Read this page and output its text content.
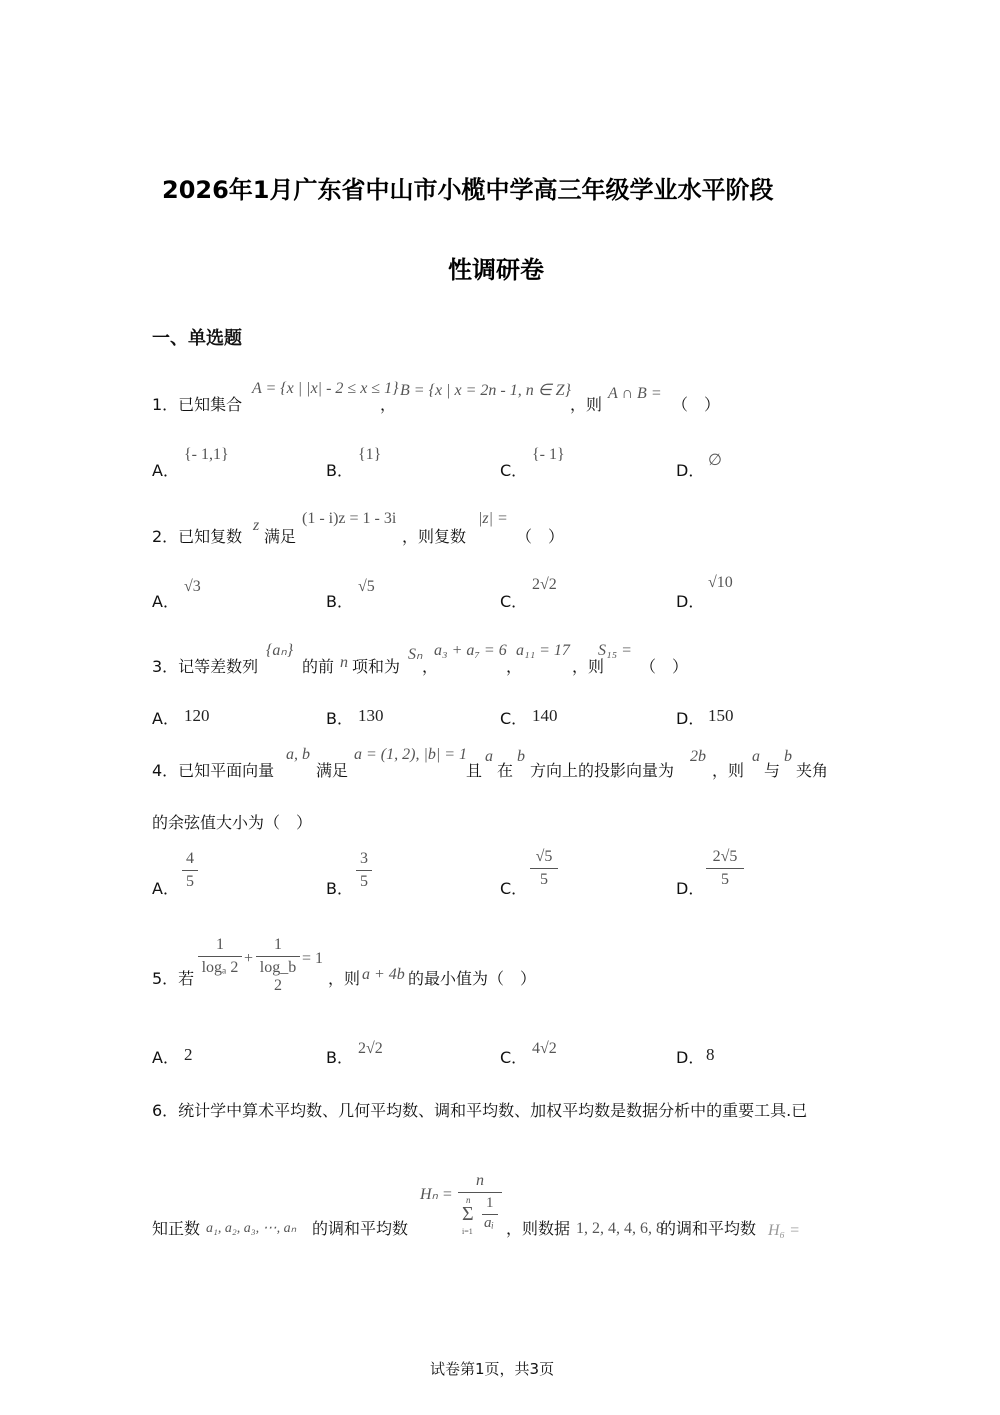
2026年1月广东省中山市小榄中学高三年级学业水平阶段
性调研卷
一、单选题
1．已知集合
A = {x | |x| - 2 ≤ x ≤ 1}
，
B = {x | x = 2n - 1, n ∈ Z}
，则
A ∩ B =
（　）
A．
{- 1,1}
B．
{1}
C．
{- 1}
D．
∅
2．已知复数
z
满足
(1 - i)z = 1 - 3i
，则复数
|z| =
（　）
A．
√3
B．
√5
C．
2√2
D．
√10
3．记等差数列
{aₙ}
的前 n 项和为
Sₙ
，
a₃ + a₇ = 6
，
a₁₁ = 17
，则
S₁₅ =
（　）
A． 120	B． 130	C． 140	D． 150
4．已知平面向量
a, b
满足
a = (1, 2), |b| = 1
且
a
在
b
方向上的投影向量为
2b
，则
a
与
b
夹角
的余弦值大小为（　）
A．
4
5	B．
3
5	C．
√5
5	D．
2√5
5
5．若
1
logₐ 2
+
1
log_b 2
= 1
，则 a + 4b 的最小值为（　）
A． 2	B． 2√2	C． 4√2	D． 8
6．统计学中算术平均数、几何平均数、调和平均数、加权平均数是数据分析中的重要工具.已
知正数 a₁, a₂, a₃, ⋯, aₙ 的调和平均数
Hₙ =
n
n
Σ
i=1
1
aᵢ ，则数据 1, 2, 4, 4, 6, 8
的调和平均数 H₆ =
试卷第1页，共3页
